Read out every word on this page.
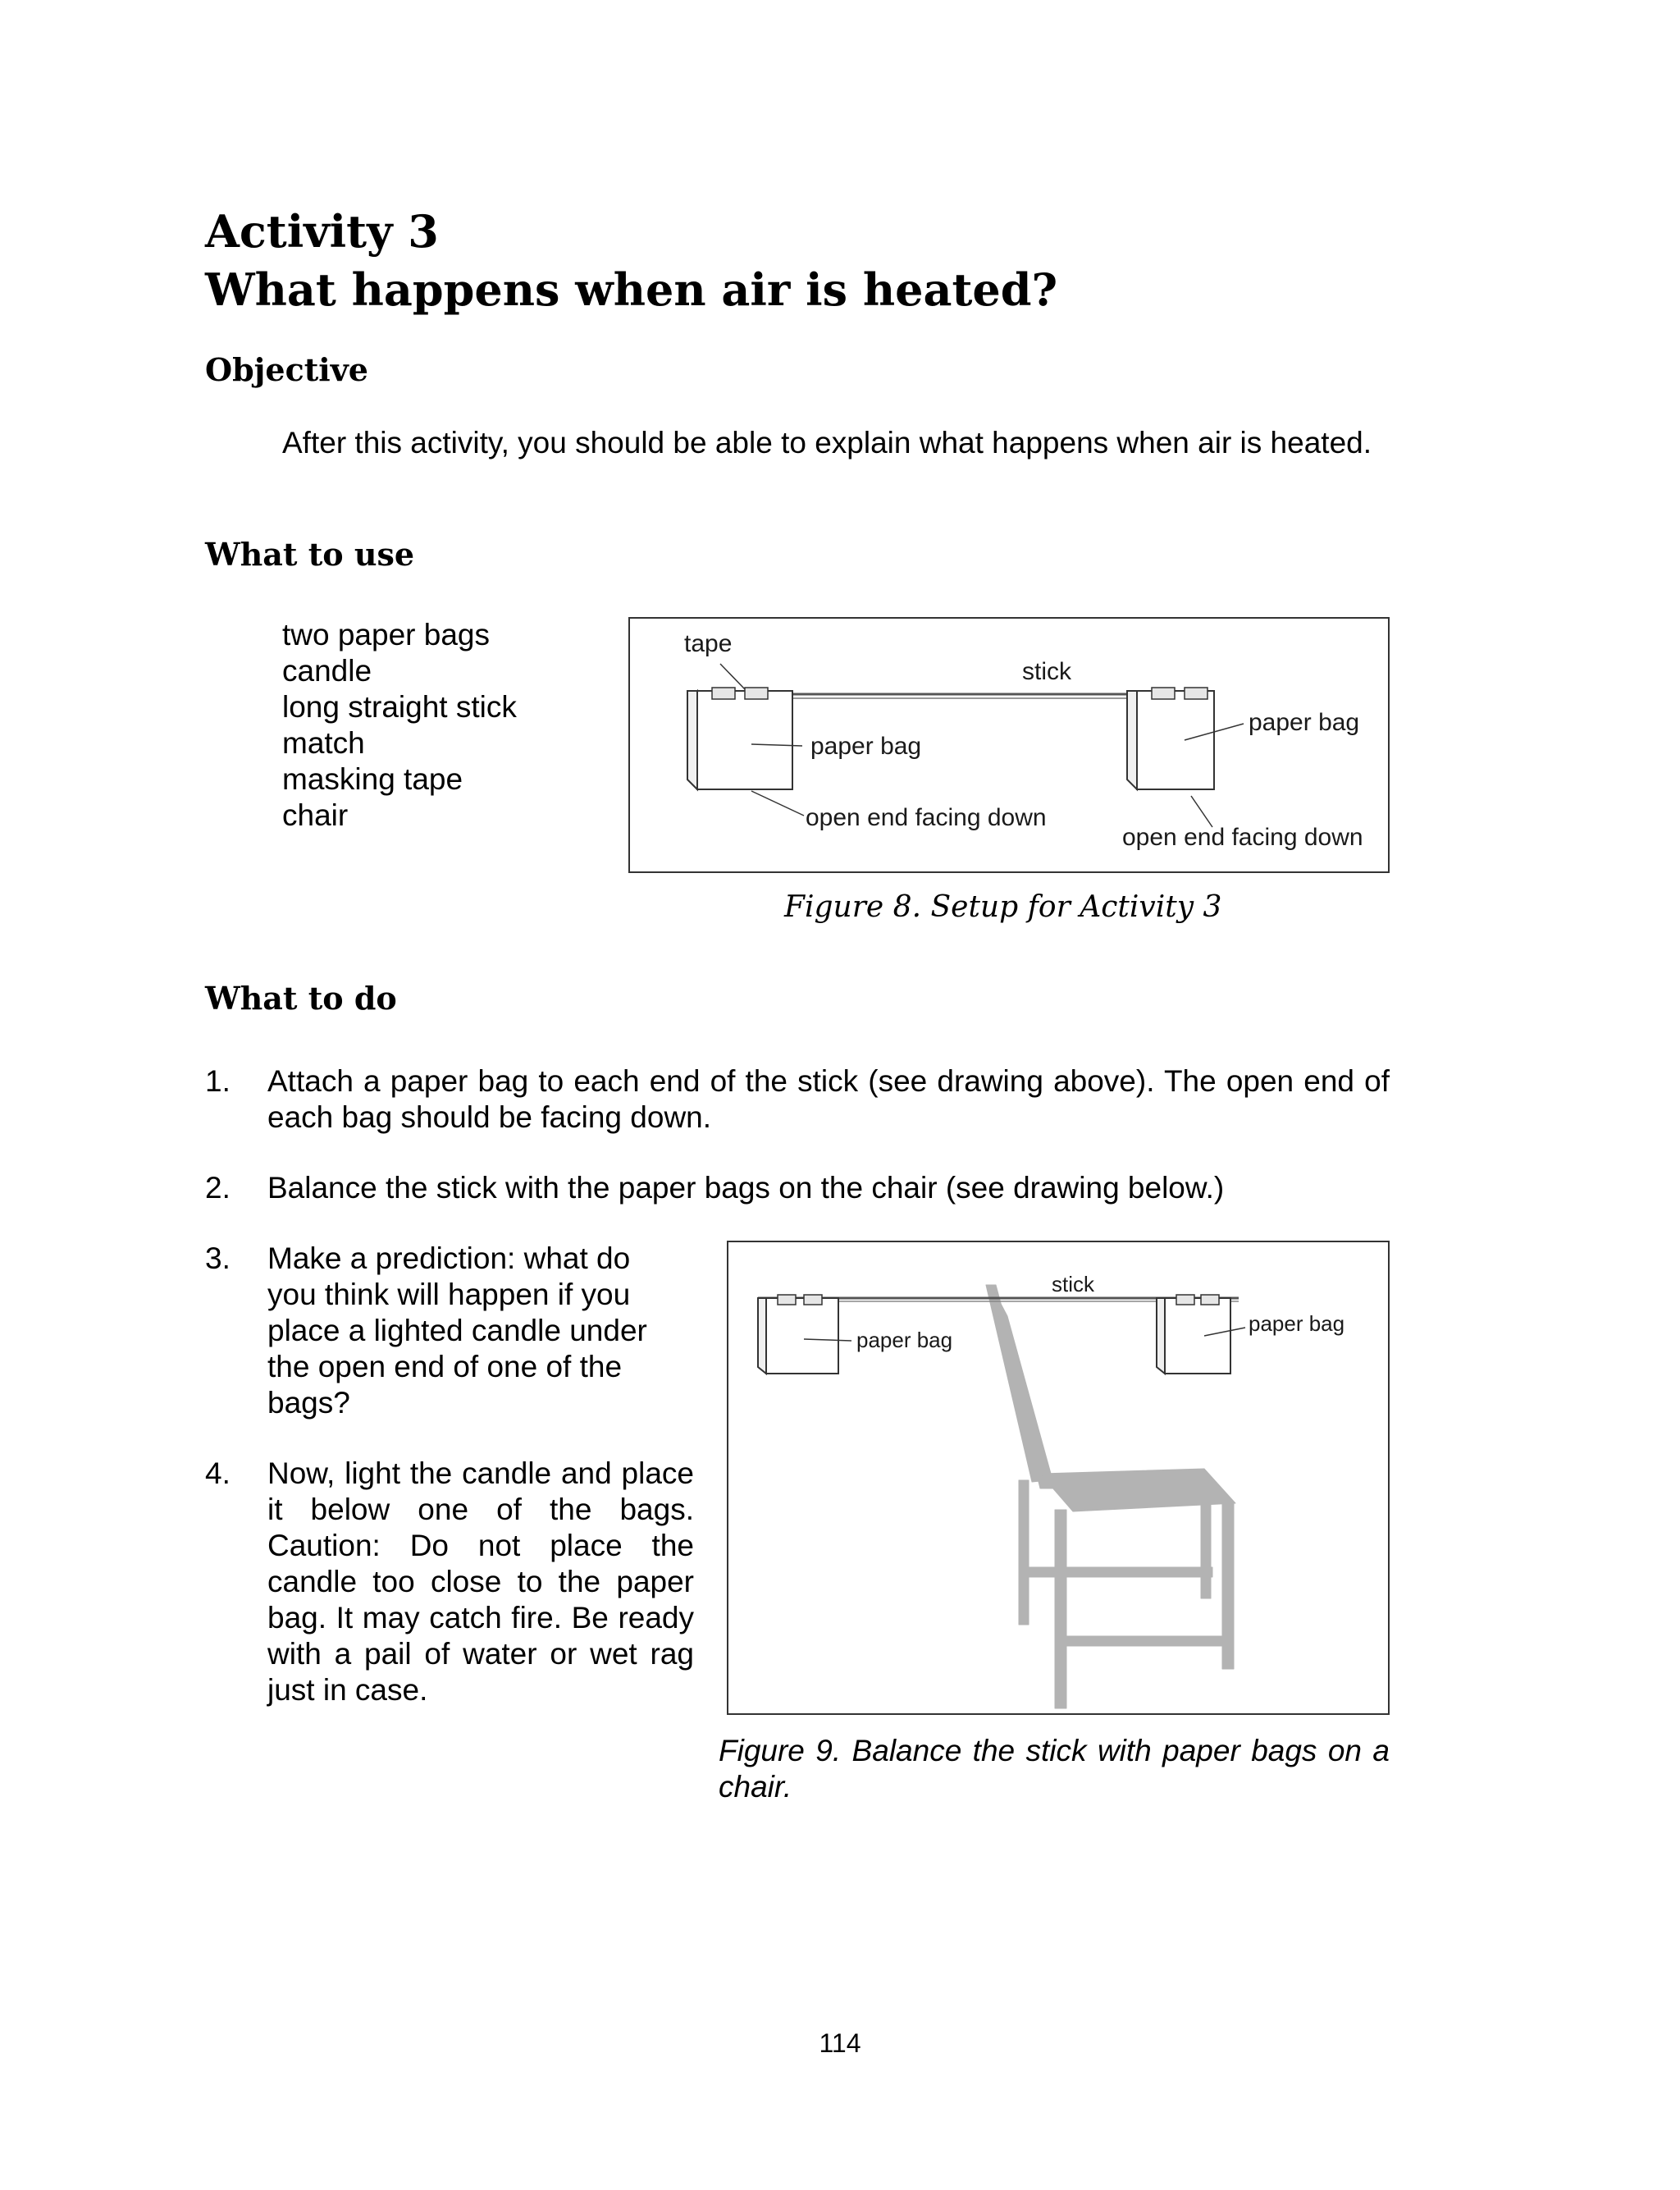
Activity 3
What happens when air is heated?
Objective
After this activity, you should be able to explain what happens when air is heated.
What to use
two paper bags
candle
long straight stick
match
masking tape
chair
tape
stick
paper bag
paper bag
open end facing down
open end facing down
Figure 8. Setup for Activity 3
What to do
1. Attach a paper bag to each end of the stick (see drawing above). The open end of each bag should be facing down.
2. Balance the stick with the paper bags on the chair (see drawing below.)
3. Make a prediction: what do you think will happen if you place a lighted candle under the open end of one of the bags?
4. Now, light the candle and place it below one of the bags. Caution: Do not place the candle too close to the paper bag. It may catch fire. Be ready with a pail of water or wet rag just in case.
stick
paper bag
paper bag
Figure 9. Balance the stick with paper bags on a chair.
114
